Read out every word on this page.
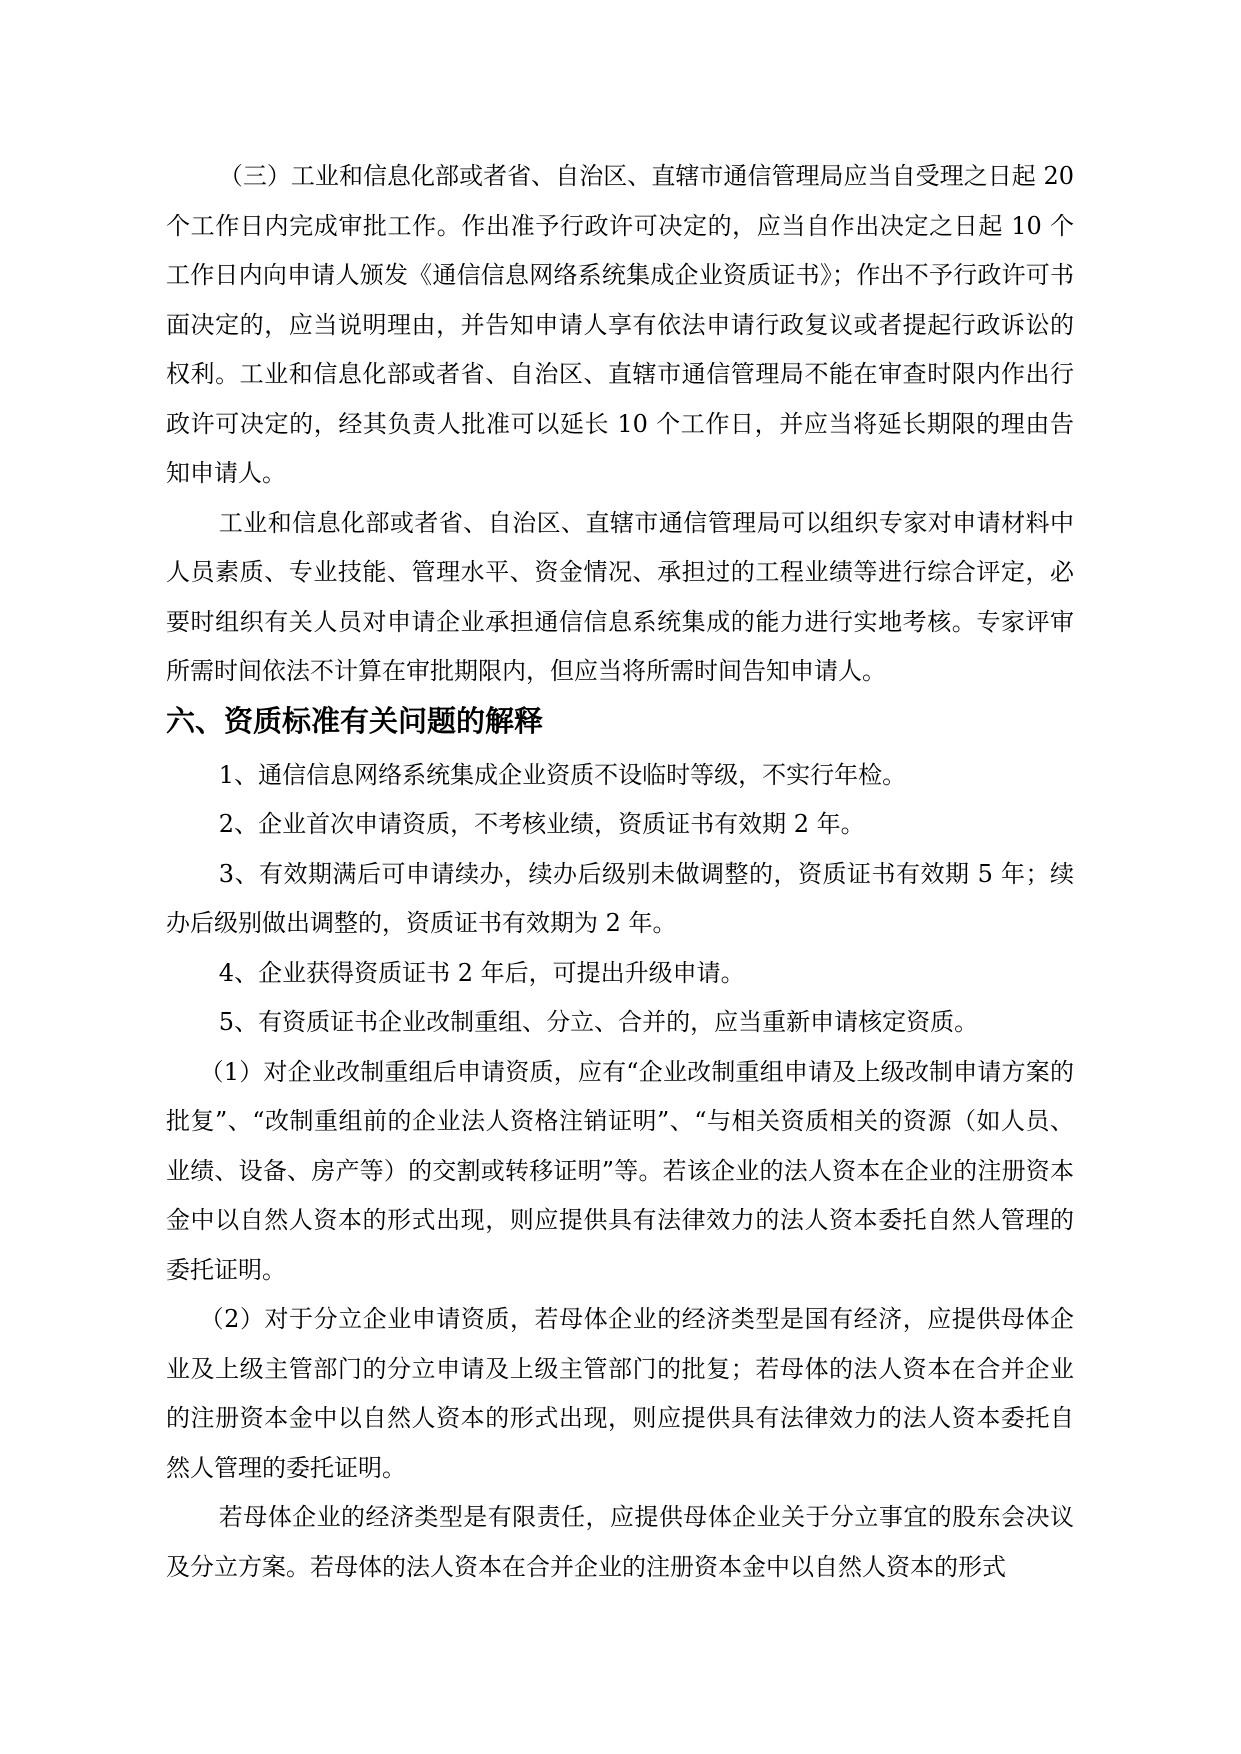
（三）工业和信息化部或者省、自治区、直辖市通信管理局应当自受理之日起 20 个工作日内完成审批工作。作出准予行政许可决定的，应当自作出决定之日起 10 个工作日内向申请人颁发《通信信息网络系统集成企业资质证书》；作出不予行政许可书面决定的，应当说明理由，并告知申请人享有依法申请行政复议或者提起行政诉讼的权利。工业和信息化部或者省、自治区、直辖市通信管理局不能在审查时限内作出行政许可决定的，经其负责人批准可以延长 10 个工作日，并应当将延长期限的理由告知申请人。

工业和信息化部或者省、自治区、直辖市通信管理局可以组织专家对申请材料中人员素质、专业技能、管理水平、资金情况、承担过的工程业绩等进行综合评定，必要时组织有关人员对申请企业承担通信信息系统集成的能力进行实地考核。专家评审所需时间依法不计算在审批期限内，但应当将所需时间告知申请人。

六、资质标准有关问题的解释

1、通信信息网络系统集成企业资质不设临时等级，不实行年检。

2、企业首次申请资质，不考核业绩，资质证书有效期 2 年。

3、有效期满后可申请续办，续办后级别未做调整的，资质证书有效期 5 年；续办后级别做出调整的，资质证书有效期为 2 年。

4、企业获得资质证书 2 年后，可提出升级申请。

5、有资质证书企业改制重组、分立、合并的，应当重新申请核定资质。

（1）对企业改制重组后申请资质，应有“企业改制重组申请及上级改制申请方案的批复”、“改制重组前的企业法人资格注销证明”、“与相关资质相关的资源（如人员、业绩、设备、房产等）的交割或转移证明”等。若该企业的法人资本在企业的注册资本金中以自然人资本的形式出现，则应提供具有法律效力的法人资本委托自然人管理的委托证明。

（2）对于分立企业申请资质，若母体企业的经济类型是国有经济，应提供母体企业及上级主管部门的分立申请及上级主管部门的批复；若母体的法人资本在合并企业的注册资本金中以自然人资本的形式出现，则应提供具有法律效力的法人资本委托自然人管理的委托证明。

若母体企业的经济类型是有限责任，应提供母体企业关于分立事宜的股东会决议及分立方案。若母体的法人资本在合并企业的注册资本金中以自然人资本的形式
